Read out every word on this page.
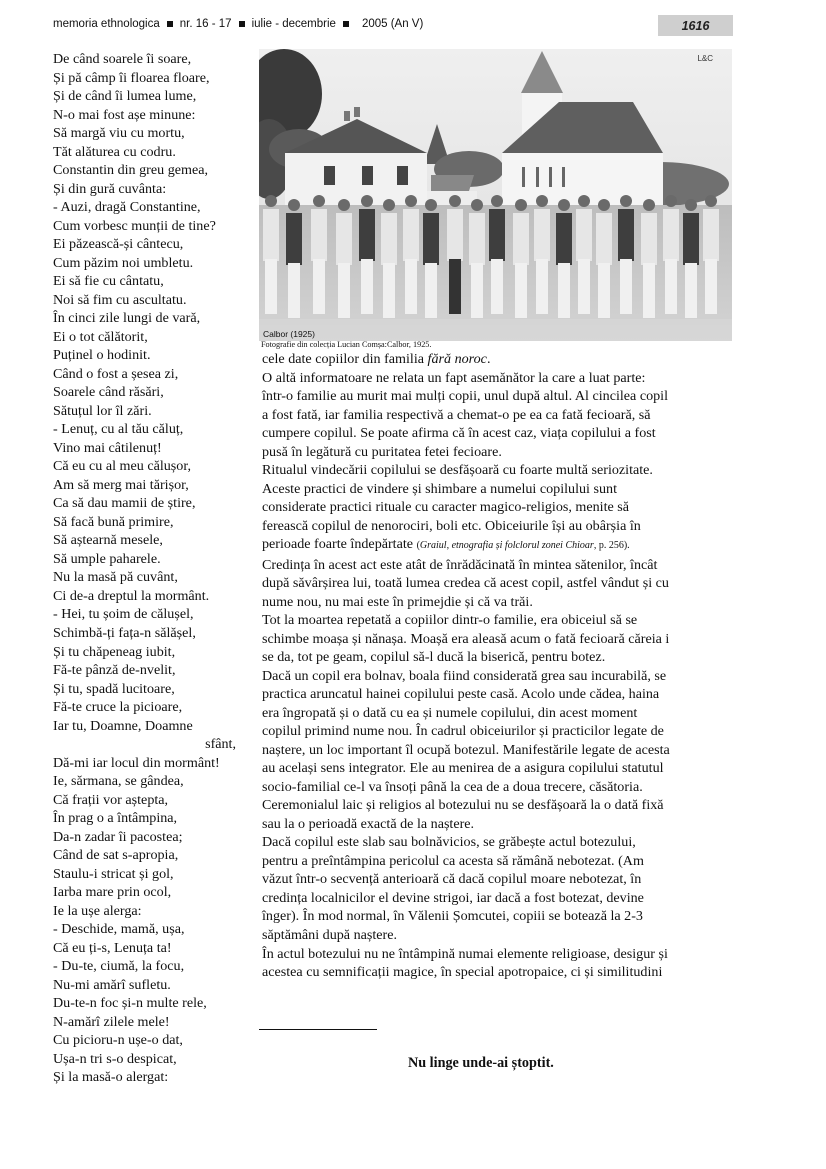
memoria ethnologica nr. 16 - 17 iulie - decembrie 2005 (An V)	1616
De când soarele îi soare,
Și pă câmp îi floarea floare,
Și de când îi lumea lume,
N-o mai fost așe minune:
Să margă viu cu mortu,
Tăt alăturea cu codru.
Constantin din greu gemea,
Și din gură cuvânta:
- Auzi, dragă Constantine,
Cum vorbesc munții de tine?
Ei păzească-și cântecu,
Cum păzim noi umbletu.
Ei să fie cu cântatu,
Noi să fim cu ascultatu.
În cinci zile lungi de vară,
Ei o tot călătorit,
Puținel o hodinit.
Când o fost a șesea zi,
Soarele când răsări,
Sătuțul lor îl zări.
- Lenuț, cu al tău căluț,
Vino mai câtilenuț!
Că eu cu al meu călușor,
Am să merg mai tărișor,
Ca să dau mamii de știre,
Să facă bună primire,
Să aștearnă mesele,
Să umple paharele.
Nu la masă pă cuvânt,
Ci de-a dreptul la mormânt.
- Hei, tu șoim de călușel,
Schimbă-ți fața-n sălășel,
Și tu chăpeneag iubit,
Fă-te pânză de-nvelit,
Și tu, spadă lucitoare,
Fă-te cruce la picioare,
Iar tu, Doamne, Doamne
sfânt,
Dă-mi iar locul din mormânt!
Ie, sărmana, se gândea,
Că frații vor aștepta,
În prag o a întâmpina,
Da-n zadar îi pacostea;
Când de sat s-apropia,
Staulu-i stricat și gol,
Iarba mare prin ocol,
Ie la ușe alerga:
- Deschide, mamă, ușa,
Că eu ți-s, Lenuța ta!
- Du-te, ciumă, la focu,
Nu-mi amărî sufletu.
Du-te-n foc și-n multe rele,
N-amărî zilele mele!
Cu picioru-n ușe-o dat,
Ușa-n tri s-o despicat,
Și la masă-o alergat:
L&C
Calbor (1925)
Fotografie din colecția Lucian Comșa:Calbor, 1925.
cele date copiilor din familia fără noroc.
O altă informatoare ne relata un fapt asemănător la care a luat parte:
într-o familie au murit mai mulți copii, unul după altul. Al cincilea copil
a fost fată, iar familia respectivă a chemat-o pe ea ca fată fecioară, să
cumpere copilul. Se poate afirma că în acest caz, viața copilului a fost
pusă în legătură cu puritatea fetei fecioare.
Ritualul vindecării copilului se desfășoară cu foarte multă seriozitate.
Aceste practici de vindere și shimbare a numelui copilului sunt
considerate practici rituale cu caracter magico-religios, menite să
ferească copilul de nenorociri, boli etc. Obiceiurile își au obârșia în
perioade foarte îndepărtate (Graiul, etnografia și folclorul zonei Chioar, p. 256).
Credința în acest act este atât de înrădăcinată în mintea sătenilor, încât
după săvârșirea lui, toată lumea credea că acest copil, astfel vândut și cu
nume nou, nu mai este în primejdie și că va trăi.
Tot la moartea repetată a copiilor dintr-o familie, era obiceiul să se
schimbe moașa și nănașa. Moașă era aleasă acum o fată fecioară căreia i
se da, tot pe geam, copilul să-l ducă la biserică, pentru botez.
Dacă un copil era bolnav, boala fiind considerată grea sau incurabilă, se
practica aruncatul hainei copilului peste casă. Acolo unde cădea, haina
era îngropată și o dată cu ea și numele copilului, din acest moment
copilul primind nume nou. În cadrul obiceiurilor și practicilor legate de
naștere, un loc important îl ocupă botezul. Manifestările legate de acesta
au același sens integrator. Ele au menirea de a asigura copilului statutul
socio-familial ce-l va însoți până la cea de a doua trecere, căsătoria.
Ceremonialul laic și religios al botezului nu se desfășoară la o dată fixă
sau la o perioadă exactă de la naștere.
Dacă copilul este slab sau bolnăvicios, se grăbește actul botezului,
pentru a preîntâmpina pericolul ca acesta să rămână nebotezat. (Am
văzut într-o secvență anterioară că dacă copilul moare nebotezat, în
credința localnicilor el devine strigoi, iar dacă a fost botezat, devine
înger). În mod normal, în Vălenii Șomcutei, copiii se botează la 2-3
săptămâni după naștere.
În actul botezului nu ne întâmpină numai elemente religioase, desigur și
acestea cu semnificații magice, în special apotropaice, ci și similitudini
Nu linge unde-ai ștoptit.
